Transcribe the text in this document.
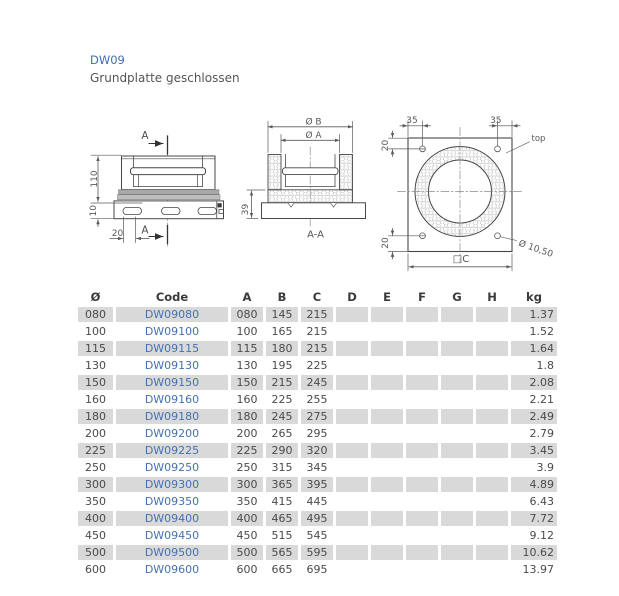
DW09
Grundplatte geschlossen
A
A
110
10
20
Ø B
Ø A
39
A-A
35	35
20
20
top
Ø 10,50
□C
Ø	Code	A	B	C	D	E	F	G	H	kg
080	DW09080	080	145	215						1.37
100	DW09100	100	165	215						1.52
115	DW09115	115	180	215						1.64
130	DW09130	130	195	225						1.8
150	DW09150	150	215	245						2.08
160	DW09160	160	225	255						2.21
180	DW09180	180	245	275						2.49
200	DW09200	200	265	295						2.79
225	DW09225	225	290	320						3.45
250	DW09250	250	315	345						3.9
300	DW09300	300	365	395						4.89
350	DW09350	350	415	445						6.43
400	DW09400	400	465	495						7.72
450	DW09450	450	515	545						9.12
500	DW09500	500	565	595						10.62
600	DW09600	600	665	695						13.97
